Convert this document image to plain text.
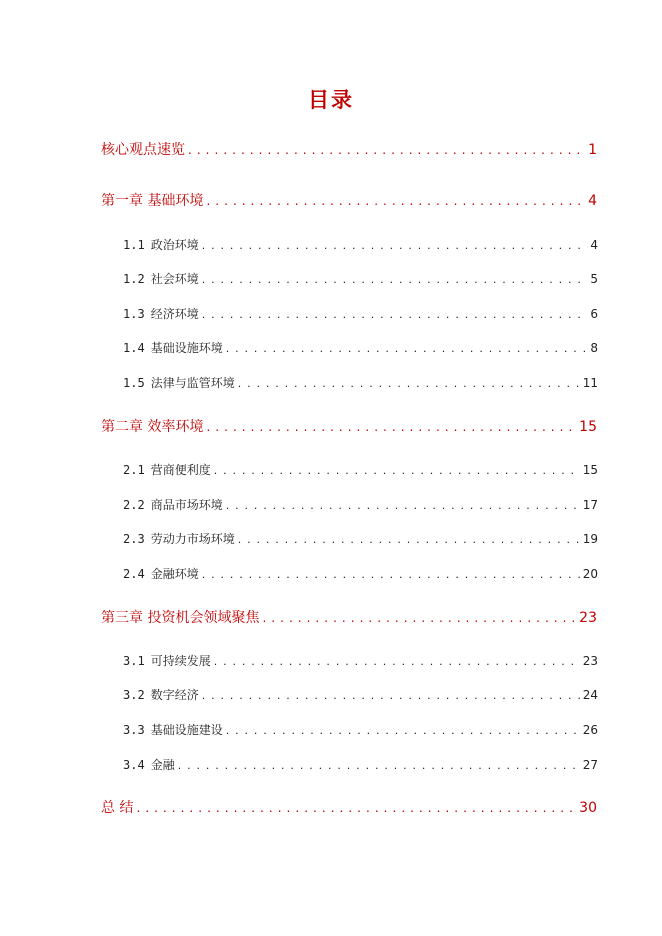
目录
核心观点速览 . . .	1
第一章 基础环境 . . .	4
1.1 政治环境 . . .	4
1.2 社会环境 . . .	5
1.3 经济环境 . . .	6
1.4 基础设施环境 . . .	8
1.5 法律与监管环境 . . .	11
第二章 效率环境 . . .	15
2.1 营商便利度 . . .	15
2.2 商品市场环境 . . .	17
2.3 劳动力市场环境 . . .	19
2.4 金融环境 . . .	20
第三章 投资机会领域聚焦 . . .	23
3.1 可持续发展 . . .	23
3.2 数字经济 . . .	24
3.3 基础设施建设 . . .	26
3.4 金融 . . .	27
总 结 . . .	30
